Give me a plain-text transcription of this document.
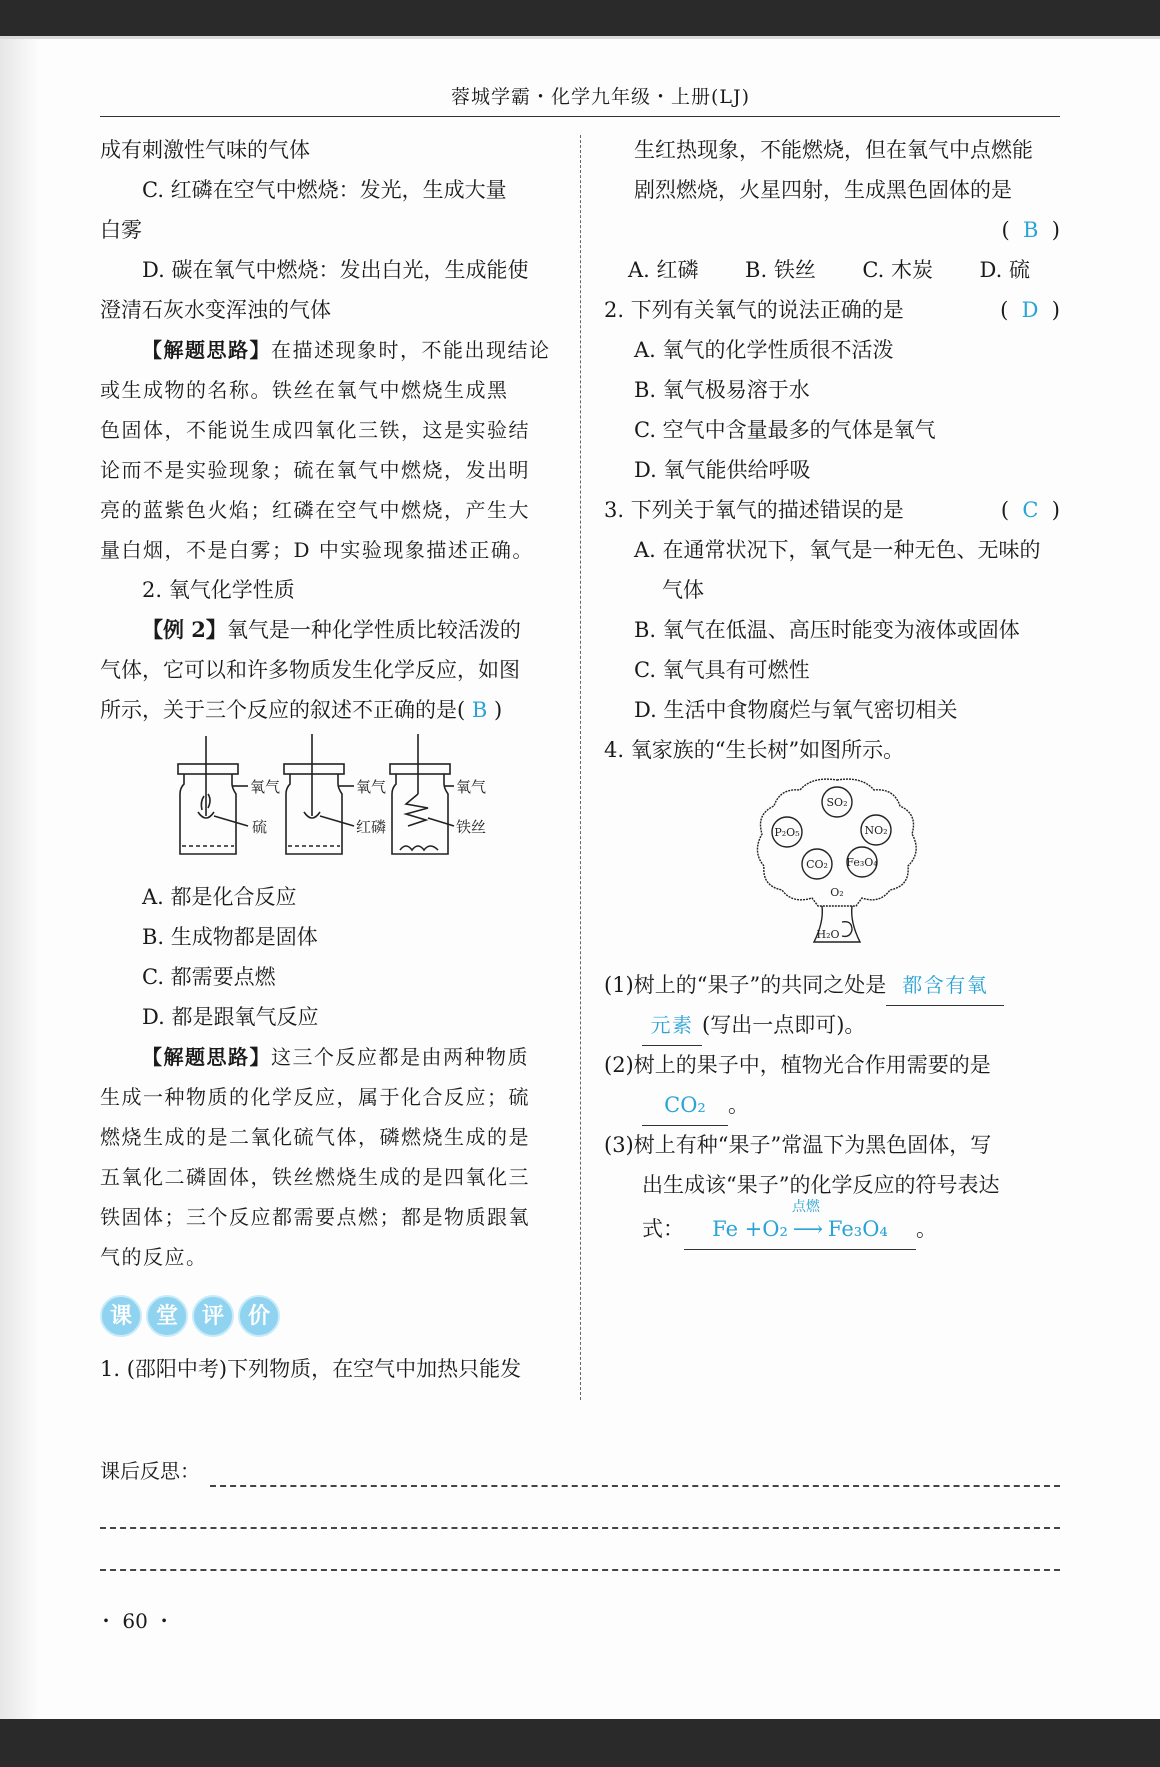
蓉城学霸・化学九年级・上册(LJ)
成有刺激性气味的气体
C. 红磷在空气中燃烧：发光，生成大量
白雾
D. 碳在氧气中燃烧：发出白光，生成能使
澄清石灰水变浑浊的气体
【解题思路】在描述现象时，不能出现结论
或生成物的名称。铁丝在氧气中燃烧生成黑
色固体，不能说生成四氧化三铁，这是实验结
论而不是实验现象；硫在氧气中燃烧，发出明
亮的蓝紫色火焰；红磷在空气中燃烧，产生大
量白烟，不是白雾；D 中实验现象描述正确。
2. 氧气化学性质
【例 2】氧气是一种化学性质比较活泼的
气体，它可以和许多物质发生化学反应，如图
所示，关于三个反应的叙述不正确的是( B )
氧气
硫
氧气
红磷
氧气
铁丝
A. 都是化合反应
B. 生成物都是固体
C. 都需要点燃
D. 都是跟氧气反应
【解题思路】这三个反应都是由两种物质
生成一种物质的化学反应，属于化合反应；硫
燃烧生成的是二氧化硫气体，磷燃烧生成的是
五氧化二磷固体，铁丝燃烧生成的是四氧化三
铁固体；三个反应都需要点燃；都是物质跟氧
气的反应。
课	堂	评	价
1. (邵阳中考)下列物质，在空气中加热只能发
生红热现象，不能燃烧，但在氧气中点燃能
剧烈燃烧，火星四射，生成黑色固体的是
(  B  )
A. 红磷 B. 铁丝 C. 木炭 D. 硫
2. 下列有关氧气的说法正确的是	(  D  )
A. 氧气的化学性质很不活泼
B. 氧气极易溶于水
C. 空气中含量最多的气体是氧气
D. 氧气能供给呼吸
3. 下列关于氧气的描述错误的是	(  C  )
A. 在通常状况下，氧气是一种无色、无味的
气体
B. 氧气在低温、高压时能变为液体或固体
C. 氧气具有可燃性
D. 生活中食物腐烂与氧气密切相关
4. 氧家族的“生长树”如图所示。
SO₂
P₂O₅	NO₂
CO₂ Fe₃O₄
O₂
H₂O
(1)树上的“果子”的共同之处是 都含有氧
元素 (写出一点即可)。
(2)树上的果子中，植物光合作用需要的是
CO₂ 。
(3)树上有种“果子”常温下为黑色固体，写
出生成该“果子”的化学反应的符号表达
式： Fe +O₂
点燃
⟶ Fe₃O₄ 。
课后反思：
・ 60 ・
